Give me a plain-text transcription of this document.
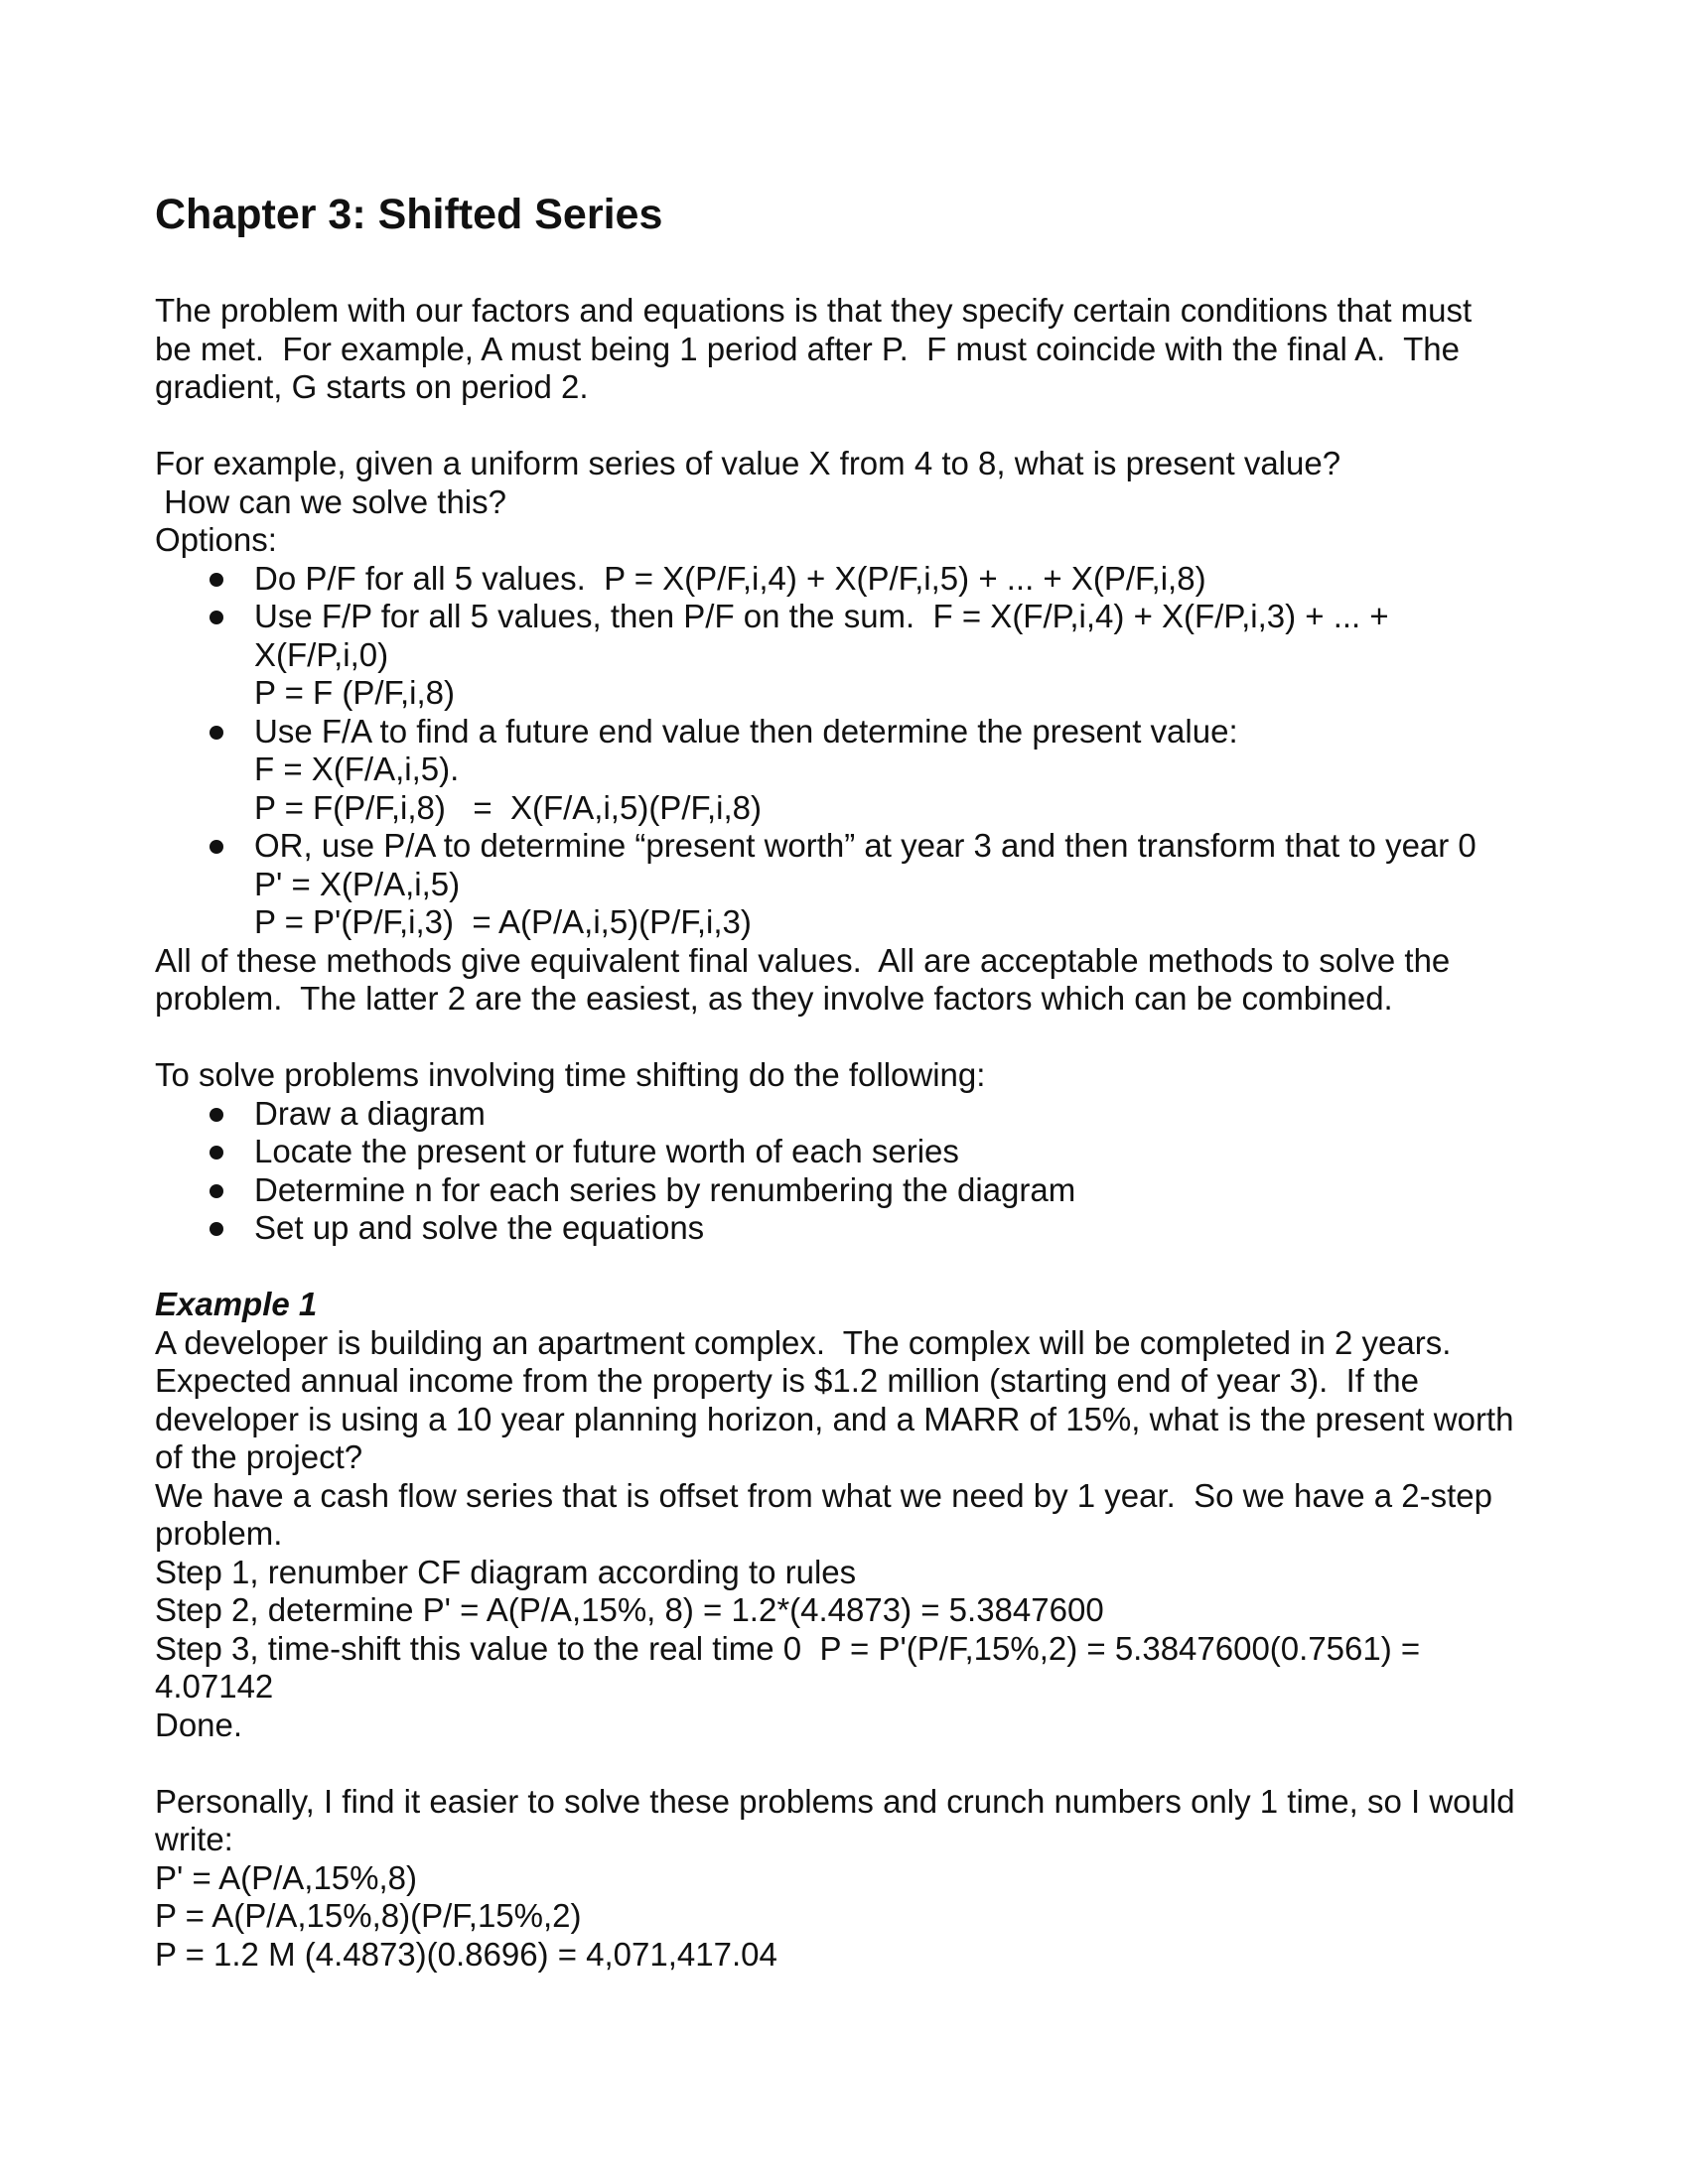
Chapter 3: Shifted Series

The problem with our factors and equations is that they specify certain conditions that must

be met.  For example, A must being 1 period after P.  F must coincide with the final A.  The

gradient, G starts on period 2.

For example, given a uniform series of value X from 4 to 8, what is present value?

How can we solve this?

Options:

Do P/F for all 5 values.  P = X(P/F,i,4) + X(P/F,i,5) + ... + X(P/F,i,8)

Use F/P for all 5 values, then P/F on the sum.  F = X(F/P,i,4) + X(F/P,i,3) + ... +

X(F/P,i,0)

P = F (P/F,i,8)

Use F/A to find a future end value then determine the present value:

F = X(F/A,i,5).

P = F(P/F,i,8)   =  X(F/A,i,5)(P/F,i,8)

OR, use P/A to determine “present worth” at year 3 and then transform that to year 0

P' = X(P/A,i,5)

P = P'(P/F,i,3)  = A(P/A,i,5)(P/F,i,3)

All of these methods give equivalent final values.  All are acceptable methods to solve the

problem.  The latter 2 are the easiest, as they involve factors which can be combined.

To solve problems involving time shifting do the following:

Draw a diagram

Locate the present or future worth of each series

Determine n for each series by renumbering the diagram

Set up and solve the equations

Example 1

A developer is building an apartment complex.  The complex will be completed in 2 years.

Expected annual income from the property is $1.2 million (starting end of year 3).  If the

developer is using a 10 year planning horizon, and a MARR of 15%, what is the present worth

of the project?

We have a cash flow series that is offset from what we need by 1 year.  So we have a 2-step

problem.

Step 1, renumber CF diagram according to rules

Step 2, determine P' = A(P/A,15%, 8) = 1.2*(4.4873) = 5.3847600

Step 3, time-shift this value to the real time 0  P = P'(P/F,15%,2) = 5.3847600(0.7561) =

4.07142

Done.

Personally, I find it easier to solve these problems and crunch numbers only 1 time, so I would

write:

P' = A(P/A,15%,8)

P = A(P/A,15%,8)(P/F,15%,2)

P = 1.2 M (4.4873)(0.8696) = 4,071,417.04
